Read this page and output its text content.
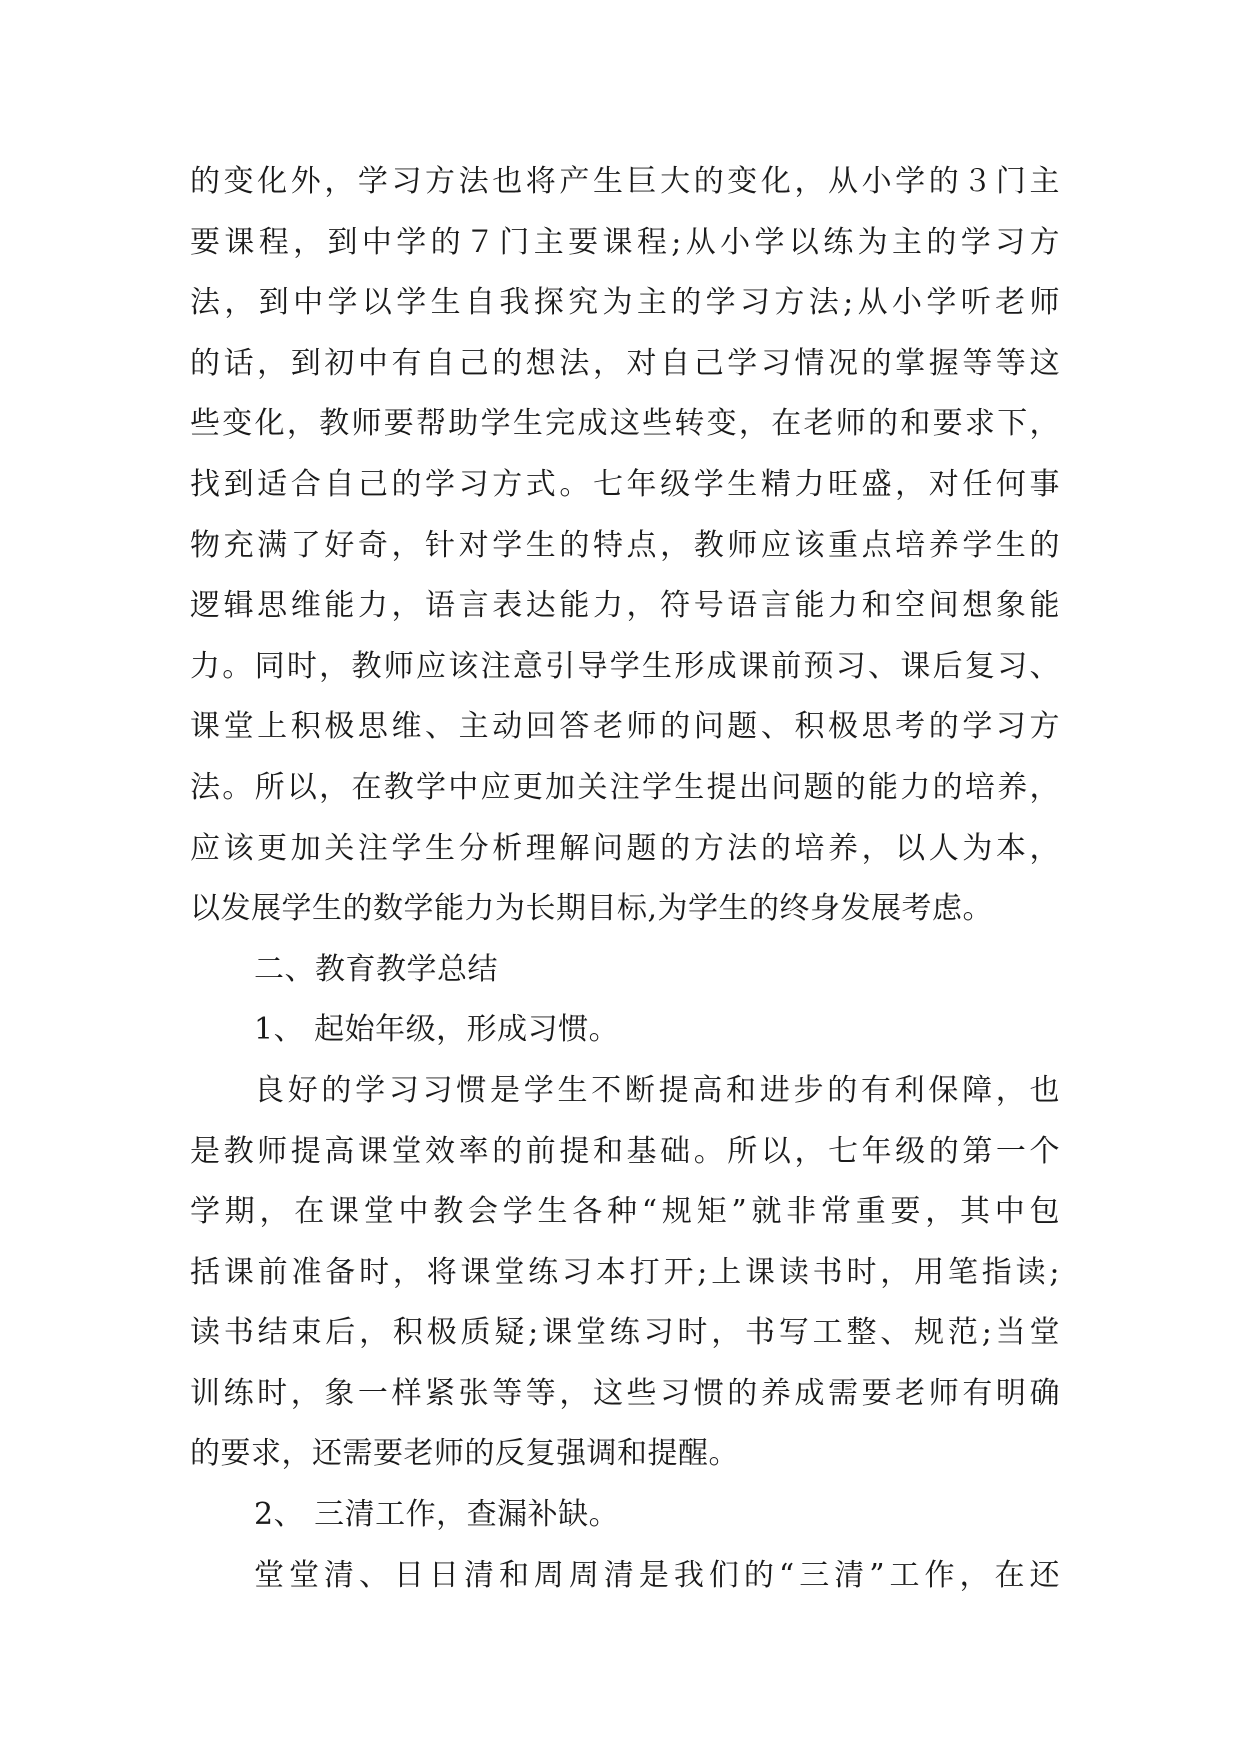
的变化外，学习方法也将产生巨大的变化，从小学的３门主
要课程，到中学的７门主要课程;从小学以练为主的学习方
法，到中学以学生自我探究为主的学习方法;从小学听老师
的话，到初中有自己的想法，对自己学习情况的掌握等等这
些变化，教师要帮助学生完成这些转变，在老师的和要求下，
找到适合自己的学习方式。七年级学生精力旺盛，对任何事
物充满了好奇，针对学生的特点，教师应该重点培养学生的
逻辑思维能力，语言表达能力，符号语言能力和空间想象能
力。同时，教师应该注意引导学生形成课前预习、课后复习、
课堂上积极思维、主动回答老师的问题、积极思考的学习方
法。所以，在教学中应更加关注学生提出问题的能力的培养，
应该更加关注学生分析理解问题的方法的培养，以人为本，
以发展学生的数学能力为长期目标,为学生的终身发展考虑。
二、教育教学总结
1、 起始年级，形成习惯。
良好的学习习惯是学生不断提高和进步的有利保障，也
是教师提高课堂效率的前提和基础。所以，七年级的第一个
学期，在课堂中教会学生各种“规矩”就非常重要，其中包
括课前准备时，将课堂练习本打开;上课读书时，用笔指读;
读书结束后，积极质疑;课堂练习时，书写工整、规范;当堂
训练时，象一样紧张等等，这些习惯的养成需要老师有明确
的要求，还需要老师的反复强调和提醒。
2、 三清工作，查漏补缺。
堂堂清、日日清和周周清是我们的“三清”工作，在还
